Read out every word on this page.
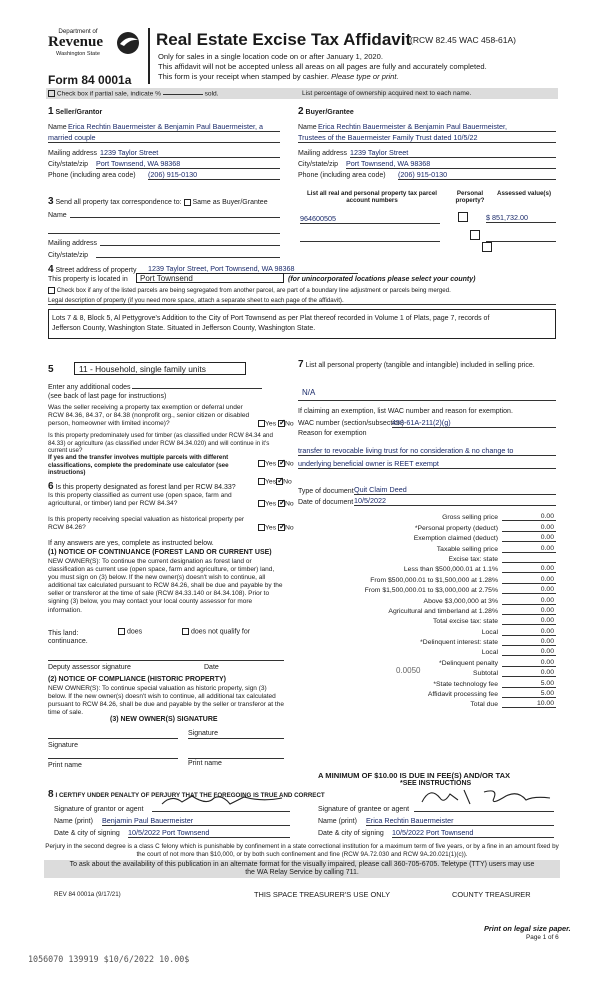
Department of
Revenue
Washington State
Form 84 0001a
Real Estate Excise Tax Affidavit
(RCW 82.45 WAC 458-61A)
Only for sales in a single location code on or after January 1, 2020.
This affidavit will not be accepted unless all areas on all pages are fully and accurately completed.
This form is your receipt when stamped by cashier. Please type or print.
Check box if partial sale, indicate %	sold.	List percentage of ownership acquired next to each name.
1 Seller/Grantor
Name Erica Rechtin Bauermeister & Benjamin Paul Bauermeister, a
married couple
Mailing address 1239 Taylor Street
City/state/zip Port Townsend, WA 98368
Phone (including area code) (206) 915-0130
2 Buyer/Grantee
Name Erica Rechtin Bauermeister & Benjamin Paul Bauermeister,
Trustees of the Bauermeister Family Trust dated 10/5/22
Mailing address 1239 Taylor Street
City/state/zip Port Townsend, WA 98368
Phone (including area code) (206) 915-0130
3 Send all property tax correspondence to: Same as Buyer/Grantee
Name
Mailing address
City/state/zip
List all real and personal property tax parcel account numbers
Personal property?
Assessed value(s)
964600505
	$ 851,732.00

4 Street address of property 1239 Taylor Street, Port Townsend, WA 98368
This property is located in	Port Townsend	(for unincorporated locations please select your county)
Check box if any of the listed parcels are being segregated from another parcel, are part of a boundary line adjustment or parcels being merged.
Legal description of property (if you need more space, attach a separate sheet to each page of the affidavit).
Lots 7 & 8, Block 5, Al Pettygrove's Addition to the City of Port Townsend as per Plat thereof recorded in Volume 1 of Plats, page 7, records of
Jefferson County, Washington State. Situated in Jefferson County, Washington State.
5	11 - Household, single family units
Enter any additional codes
(see back of last page for instructions)
Was the seller receiving a property tax exemption or deferral under RCW 84.36, 84.37, or 84.38 (nonprofit org., senior citizen or disabled person, homeowner with limited income)?	Yes ✓ No
Is this property predominately used for timber (as classified under RCW 84.34 and 84.33) or agriculture (as classified under RCW 84.34.020) and will continue in it's current use?
If yes and the transfer involves multiple parcels with different classifications, complete the predominate use calculator (see instructions)
Yes ✓ No
6 Is this property designated as forest land per RCW 84.33?
Yes ✓ No
Is this property classified as current use (open space, farm and agricultural, or timber) land per RCW 84.34?	Yes ✓ No
Is this property receiving special valuation as historical property per RCW 84.26?	Yes ✓ No
If any answers are yes, complete as instructed below.
(1) NOTICE OF CONTINUANCE (FOREST LAND OR CURRENT USE)
NEW OWNER(S): To continue the current designation as forest land or classification as current use (open space, farm and agriculture, or timber) land, you must sign on (3) below. If the new owner(s) doesn't wish to continue, all additional tax calculated pursuant to RCW 84.26, shall be due and payable by the seller or transferor at the time of sale (RCW 84.33.140 or 84.34.108). Prior to signing (3) below, you may contact your local county assessor for more information.
This land:	does	does not qualify for
continuance.
Deputy assessor signature	Date
(2) NOTICE OF COMPLIANCE (HISTORIC PROPERTY)
NEW OWNER(S): To continue special valuation as historic property, sign (3) below. If the new owner(s) doesn't wish to continue, all additional tax calculated pursuant to RCW 84.26, shall be due and payable by the seller or transferor at the time of sale.
(3) NEW OWNER(S) SIGNATURE
Signature
Signature
Print name	Print name
7 List all personal property (tangible and intangible) included in selling price.
N/A
If claiming an exemption, list WAC number and reason for exemption.
WAC number (section/subsection)
458-61A-211(2)(g)
Reason for exemption
transfer to revocable living trust for no consideration & no change to
underlying beneficial owner is REET exempt
Type of document Quit Claim Deed
Date of document 10/5/2022
Gross selling price	0.00
*Personal property (deduct)	0.00
Exemption claimed (deduct)	0.00
Taxable selling price	0.00
Excise tax: state
Less than $500,000.01 at 1.1%	0.00
From $500,000.01 to $1,500,000 at 1.28%	0.00
From $1,500,000.01 to $3,000,000 at 2.75%	0.00
Above $3,000,000 at 3%	0.00
Agricultural and timberland at 1.28%	0.00
Total excise tax: state	0.00
Local	0.00
*Delinquent interest: state	0.00
Local	0.00
*Delinquent penalty	0.00
Subtotal	0.00
*State technology fee	5.00
Affidavit processing fee	5.00
Total due	10.00
0.0050
A MINIMUM OF $10.00 IS DUE IN FEE(S) AND/OR TAX
*SEE INSTRUCTIONS
8 I CERTIFY UNDER PENALTY OF PERJURY THAT THE FOREGOING IS TRUE AND CORRECT
Signature of grantor or agent
Name (print) Benjamin Paul Bauermeister
Date & city of signing 10/5/2022 Port Townsend
Signature of grantee or agent
Name (print) Erica Rechtin Bauermeister
Date & city of signing 10/5/2022 Port Townsend
Perjury in the second degree is a class C felony which is punishable by confinement in a state correctional institution for a maximum term of five years, or by a fine in an amount fixed by the court of not more than $10,000, or by both such confinement and fine (RCW 9A.72.030 and RCW 9A.20.021(1)(c)).
To ask about the availability of this publication in an alternate format for the visually impaired, please call 360-705-6705. Teletype (TTY) users may use the WA Relay Service by calling 711.
REV 84 0001a (9/17/21)	THIS SPACE TREASURER'S USE ONLY	COUNTY TREASURER
Print on legal size paper.
Page 1 of 6
1056070 139919 $10/6/2022 10.00$
